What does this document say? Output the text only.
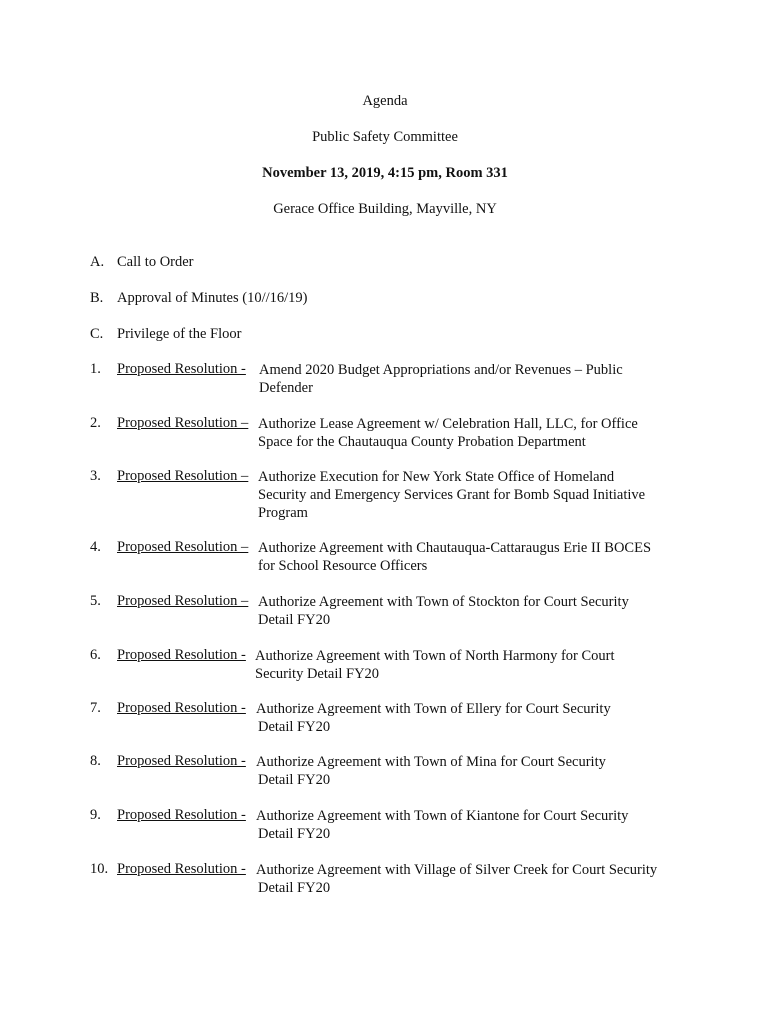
Agenda
Public Safety Committee
November 13, 2019, 4:15 pm, Room 331
Gerace Office Building, Mayville, NY
A. Call to Order
B. Approval of Minutes (10//16/19)
C. Privilege of the Floor
1. Proposed Resolution - Amend 2020 Budget Appropriations and/or Revenues – Public
Defender
2. Proposed Resolution – Authorize Lease Agreement w/ Celebration Hall, LLC, for Office
Space for the Chautauqua County Probation Department
3. Proposed Resolution – Authorize Execution for New York State Office of Homeland
Security and Emergency Services Grant for Bomb Squad Initiative
Program
4. Proposed Resolution – Authorize Agreement with Chautauqua-Cattaraugus Erie II BOCES
for School Resource Officers
5. Proposed Resolution – Authorize Agreement with Town of Stockton for Court Security
Detail FY20
6. Proposed Resolution - Authorize Agreement with Town of North Harmony for Court
Security Detail FY20
7. Proposed Resolution - Authorize Agreement with Town of Ellery for Court Security
Detail FY20
8. Proposed Resolution - Authorize Agreement with Town of Mina for Court Security
Detail FY20
9. Proposed Resolution - Authorize Agreement with Town of Kiantone for Court Security
Detail FY20
10. Proposed Resolution - Authorize Agreement with Village of Silver Creek for Court Security
Detail FY20
